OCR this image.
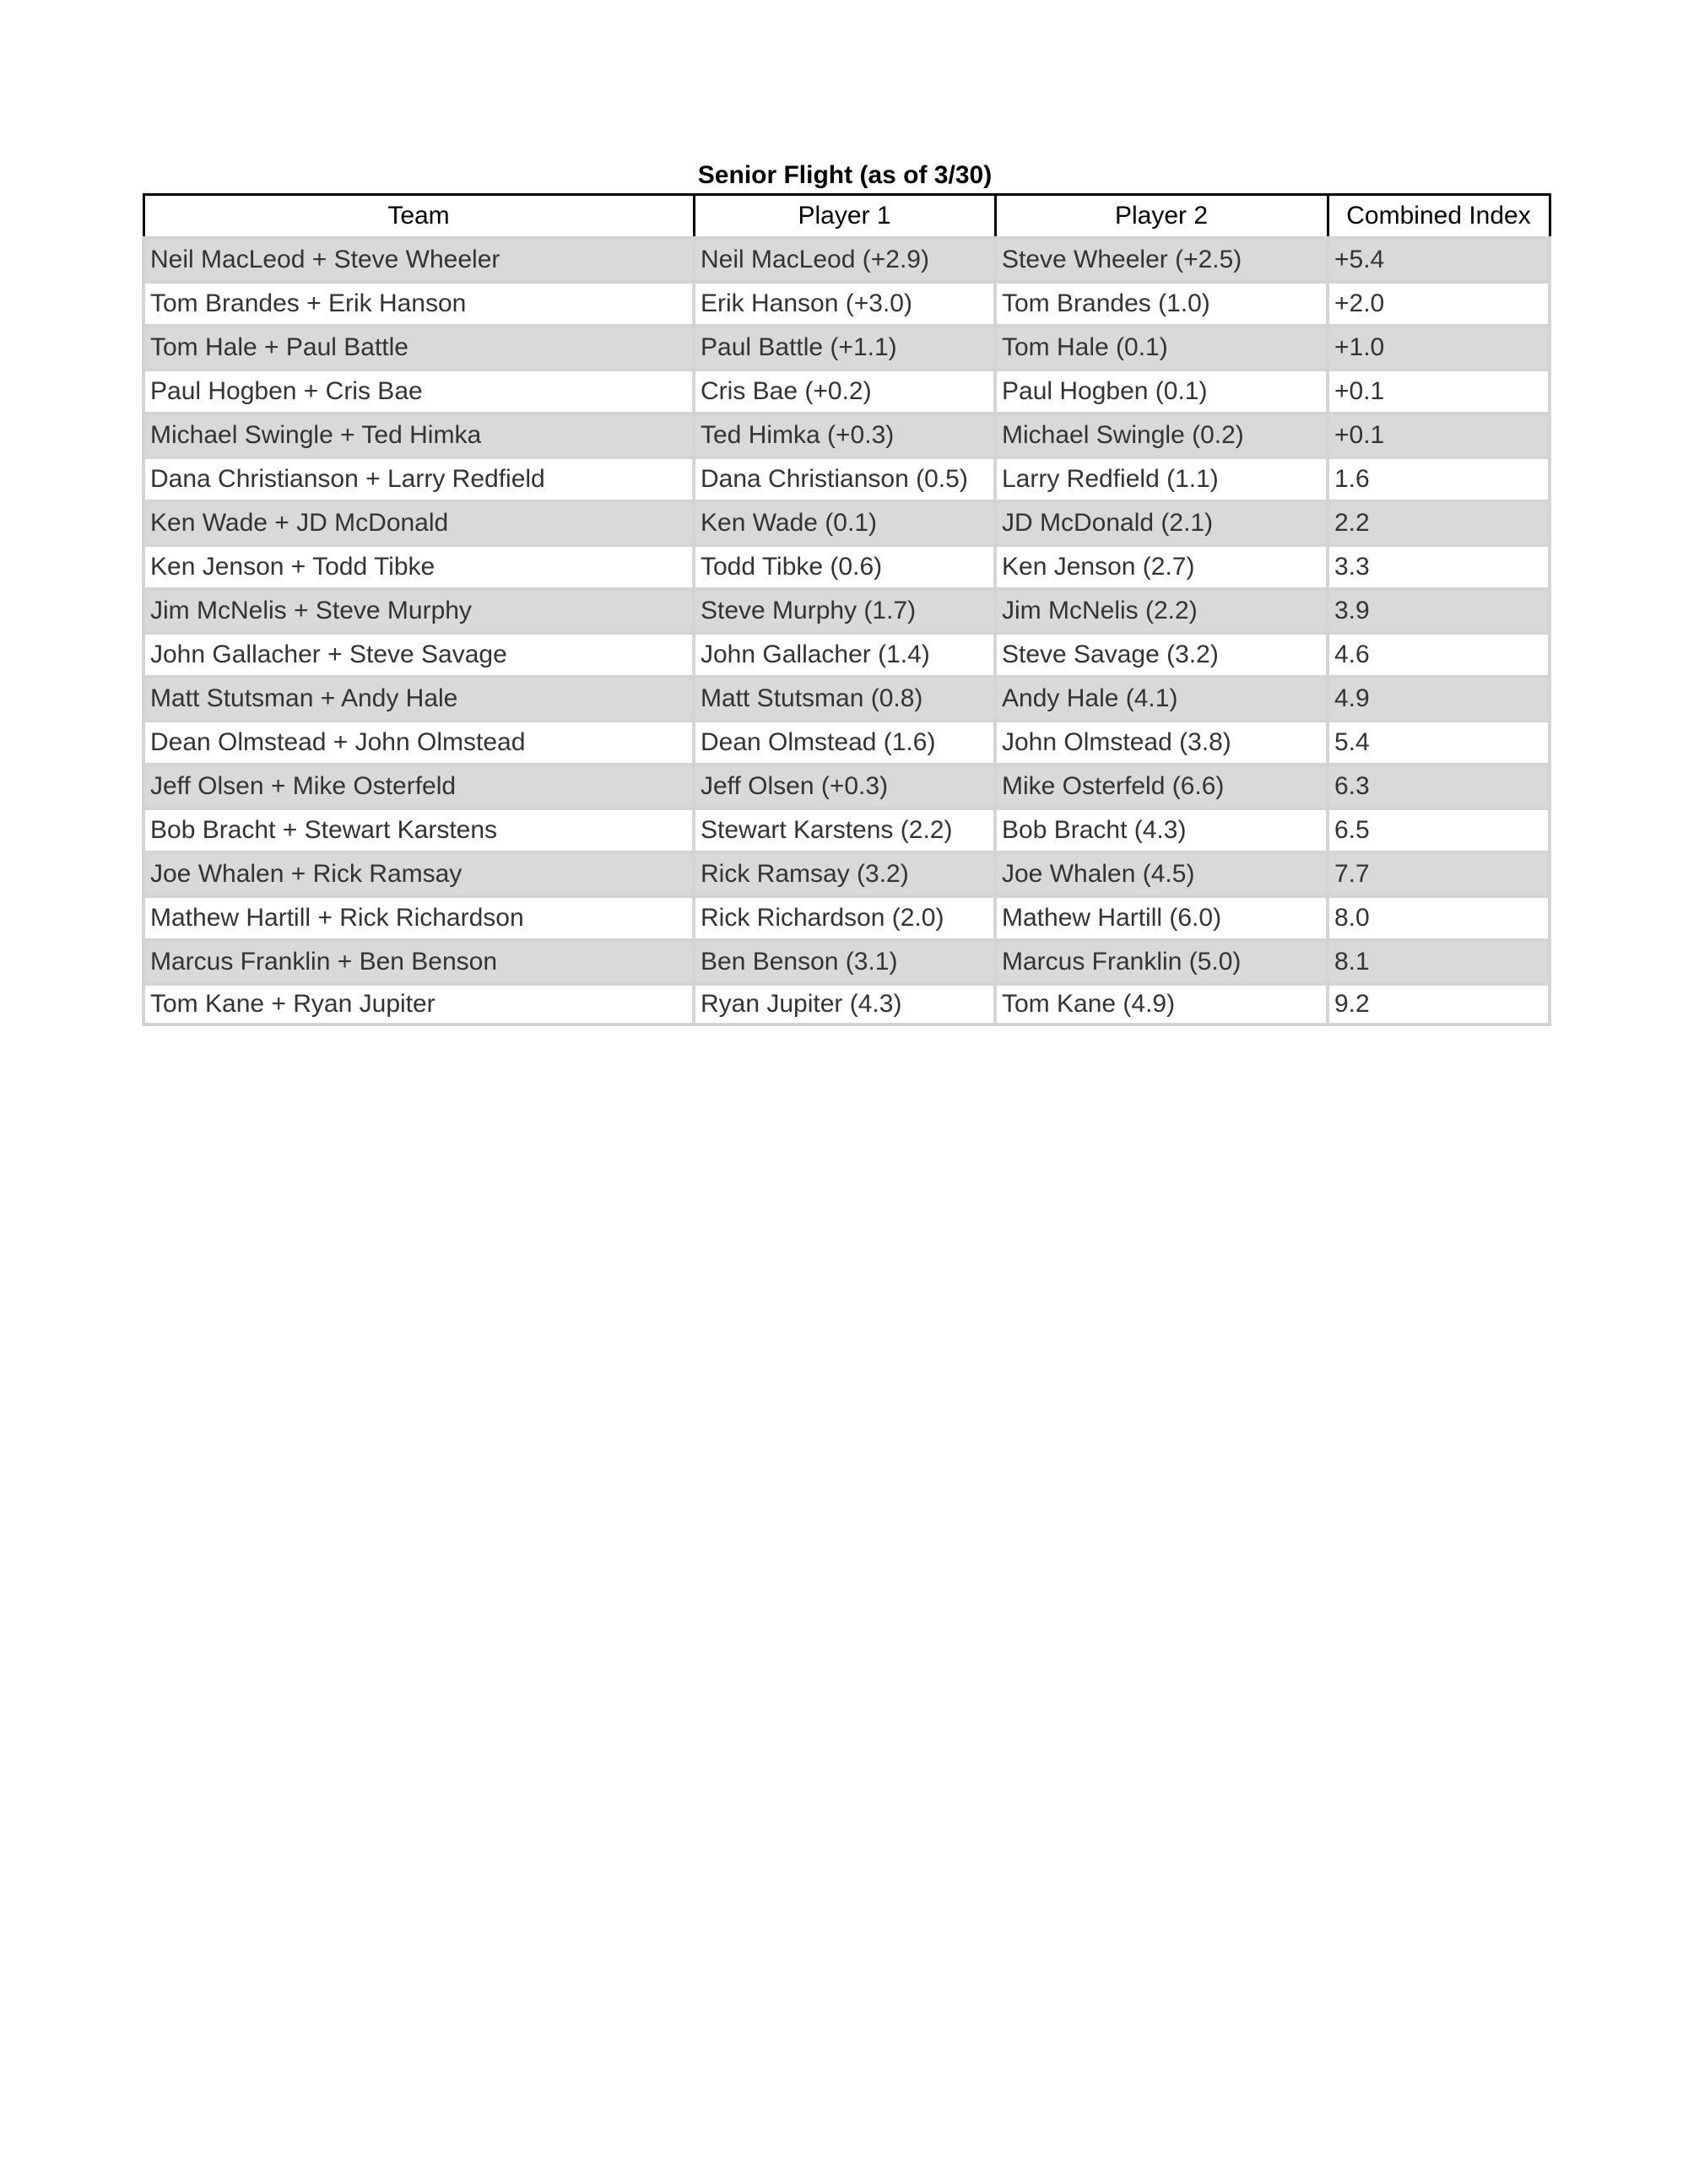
Senior Flight (as of 3/30)
Team	Player 1	Player 2	Combined Index
Neil MacLeod + Steve Wheeler	Neil MacLeod (+2.9)	Steve Wheeler (+2.5)	+5.4
Tom Brandes + Erik Hanson	Erik Hanson (+3.0)	Tom Brandes (1.0)	+2.0
Tom Hale + Paul Battle	Paul Battle (+1.1)	Tom Hale (0.1)	+1.0
Paul Hogben + Cris Bae	Cris Bae (+0.2)	Paul Hogben (0.1)	+0.1
Michael Swingle + Ted Himka	Ted Himka (+0.3)	Michael Swingle (0.2)	+0.1
Dana Christianson + Larry Redfield	Dana Christianson (0.5)	Larry Redfield (1.1)	1.6
Ken Wade + JD McDonald	Ken Wade (0.1)	JD McDonald (2.1)	2.2
Ken Jenson + Todd Tibke	Todd Tibke (0.6)	Ken Jenson (2.7)	3.3
Jim McNelis + Steve Murphy	Steve Murphy (1.7)	Jim McNelis (2.2)	3.9
John Gallacher + Steve Savage	John Gallacher (1.4)	Steve Savage (3.2)	4.6
Matt Stutsman + Andy Hale	Matt Stutsman (0.8)	Andy Hale (4.1)	4.9
Dean Olmstead + John Olmstead	Dean Olmstead (1.6)	John Olmstead (3.8)	5.4
Jeff Olsen + Mike Osterfeld	Jeff Olsen (+0.3)	Mike Osterfeld (6.6)	6.3
Bob Bracht + Stewart Karstens	Stewart Karstens (2.2)	Bob Bracht (4.3)	6.5
Joe Whalen + Rick Ramsay	Rick Ramsay (3.2)	Joe Whalen (4.5)	7.7
Mathew Hartill + Rick Richardson	Rick Richardson (2.0)	Mathew Hartill (6.0)	8.0
Marcus Franklin + Ben Benson	Ben Benson (3.1)	Marcus Franklin (5.0)	8.1
Tom Kane + Ryan Jupiter	Ryan Jupiter (4.3)	Tom Kane (4.9)	9.2
